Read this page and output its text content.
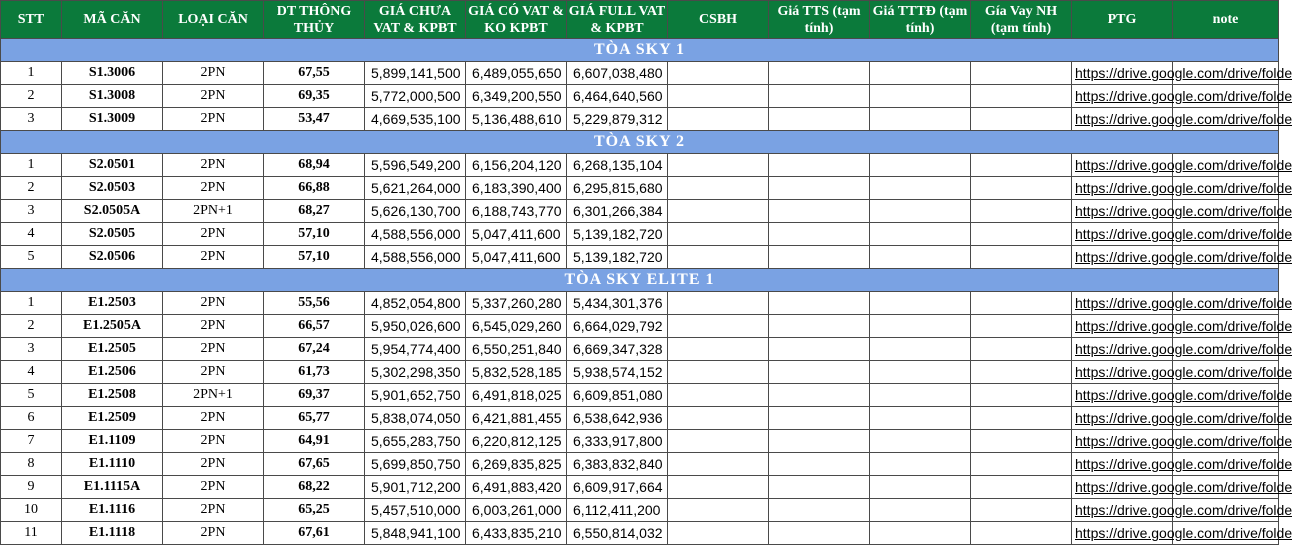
STT	MÃ CĂN	LOẠI CĂN	DT THÔNG THỦY	GIÁ CHƯA VAT & KPBT	GIÁ CÓ VAT & KO KPBT	GIÁ FULL VAT & KPBT	CSBH	Giá TTS (tạm tính)	Giá TTTĐ (tạm tính)	Gía Vay NH (tạm tính)	PTG	note
TÒA SKY 1												
1	S1.3006	2PN	67,55	5,899,141,500	6,489,055,650	6,607,038,480					https://drive.google.com/drive/folde	
2	S1.3008	2PN	69,35	5,772,000,500	6,349,200,550	6,464,640,560					https://drive.google.com/drive/folde	
3	S1.3009	2PN	53,47	4,669,535,100	5,136,488,610	5,229,879,312					https://drive.google.com/drive/folde	
TÒA SKY 2												
1	S2.0501	2PN	68,94	5,596,549,200	6,156,204,120	6,268,135,104					https://drive.google.com/drive/folde	
2	S2.0503	2PN	66,88	5,621,264,000	6,183,390,400	6,295,815,680					https://drive.google.com/drive/folde	
3	S2.0505A	2PN+1	68,27	5,626,130,700	6,188,743,770	6,301,266,384					https://drive.google.com/drive/folde	
4	S2.0505	2PN	57,10	4,588,556,000	5,047,411,600	5,139,182,720					https://drive.google.com/drive/folde	
5	S2.0506	2PN	57,10	4,588,556,000	5,047,411,600	5,139,182,720					https://drive.google.com/drive/folde	
TÒA SKY ELITE 1												
1	E1.2503	2PN	55,56	4,852,054,800	5,337,260,280	5,434,301,376					https://drive.google.com/drive/folde	
2	E1.2505A	2PN	66,57	5,950,026,600	6,545,029,260	6,664,029,792					https://drive.google.com/drive/folde	
3	E1.2505	2PN	67,24	5,954,774,400	6,550,251,840	6,669,347,328					https://drive.google.com/drive/folde	
4	E1.2506	2PN	61,73	5,302,298,350	5,832,528,185	5,938,574,152					https://drive.google.com/drive/folde	
5	E1.2508	2PN+1	69,37	5,901,652,750	6,491,818,025	6,609,851,080					https://drive.google.com/drive/folde	
6	E1.2509	2PN	65,77	5,838,074,050	6,421,881,455	6,538,642,936					https://drive.google.com/drive/folde	
7	E1.1109	2PN	64,91	5,655,283,750	6,220,812,125	6,333,917,800					https://drive.google.com/drive/folde	
8	E1.1110	2PN	67,65	5,699,850,750	6,269,835,825	6,383,832,840					https://drive.google.com/drive/folde	
9	E1.1115A	2PN	68,22	5,901,712,200	6,491,883,420	6,609,917,664					https://drive.google.com/drive/folde	
10	E1.1116	2PN	65,25	5,457,510,000	6,003,261,000	6,112,411,200					https://drive.google.com/drive/folde	
11	E1.1118	2PN	67,61	5,848,941,100	6,433,835,210	6,550,814,032					https://drive.google.com/drive/folde	
